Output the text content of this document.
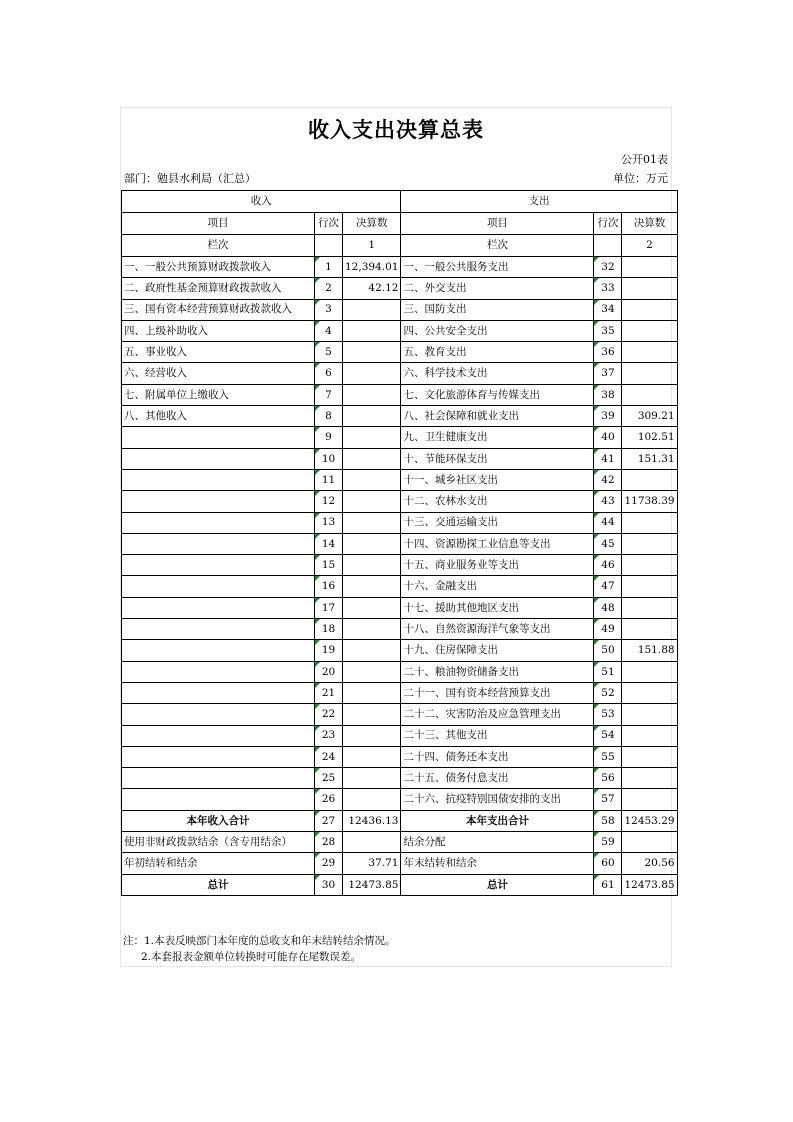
收入支出决算总表
公开01表
部门：勉县水利局（汇总）	单位：万元
收入			支出		
项目	行次	决算数	项目	行次	决算数
栏次		1	栏次		2
一、一般公共预算财政拨款收入	1	12,394.01	一、一般公共服务支出	32	
二、政府性基金预算财政拨款收入	2	42.12	二、外交支出	33	
三、国有资本经营预算财政拨款收入	3		三、国防支出	34	
四、上级补助收入	4		四、公共安全支出	35	
五、事业收入	5		五、教育支出	36	
六、经营收入	6		六、科学技术支出	37	
七、附属单位上缴收入	7		七、文化旅游体育与传媒支出	38	
八、其他收入	8		八、社会保障和就业支出	39	309.21
	9		九、卫生健康支出	40	102.51
	10		十、节能环保支出	41	151.31
	11		十一、城乡社区支出	42	
	12		十二、农林水支出	43	11738.39
	13		十三、交通运输支出	44	
	14		十四、资源勘探工业信息等支出	45	
	15		十五、商业服务业等支出	46	
	16		十六、金融支出	47	
	17		十七、援助其他地区支出	48	
	18		十八、自然资源海洋气象等支出	49	
	19		十九、住房保障支出	50	151.88
	20		二十、粮油物资储备支出	51	
	21		二十一、国有资本经营预算支出	52	
	22		二十二、灾害防治及应急管理支出	53	
	23		二十三、其他支出	54	
	24		二十四、债务还本支出	55	
	25		二十五、债务付息支出	56	
	26		二十六、抗疫特别国债安排的支出	57	
本年收入合计	27	12436.13	本年支出合计	58	12453.29
使用非财政拨款结余（含专用结余）	28		结余分配	59	
年初结转和结余	29	37.71	年末结转和结余	60	20.56
总计	30	12473.85	总计	61	12473.85
注：1.本表反映部门本年度的总收支和年末结转结余情况。
2.本套报表金额单位转换时可能存在尾数误差。
